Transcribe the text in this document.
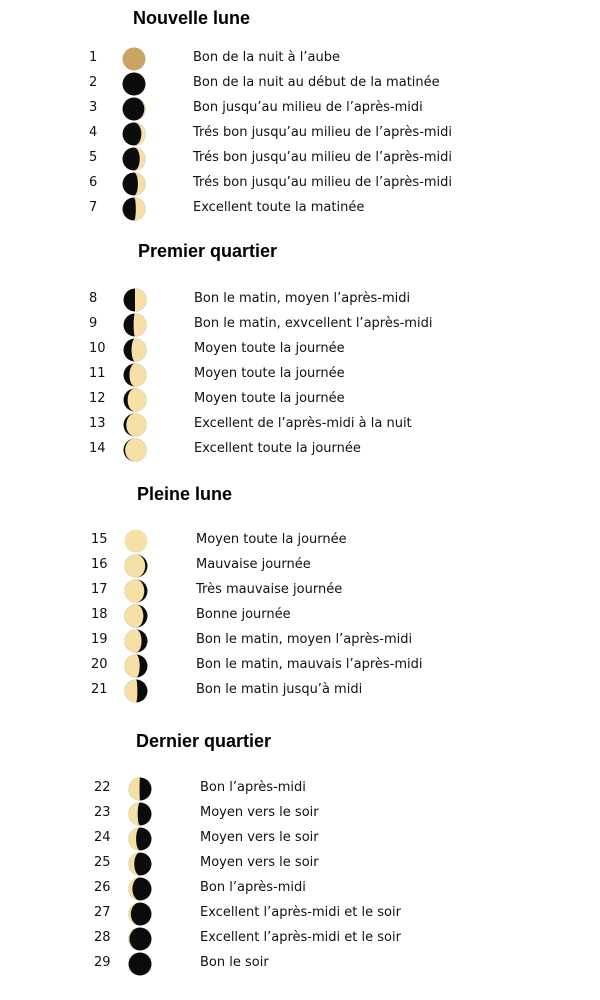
Nouvelle lune
1	Bon de la nuit à l’aube
2	Bon de la nuit au début de la matinée
3	Bon jusqu’au milieu de l’après-midi
4	Trés bon jusqu’au milieu de l’après-midi
5	Trés bon jusqu’au milieu de l’après-midi
6	Trés bon jusqu’au milieu de l’après-midi
7	Excellent toute la matinée
Premier quartier
8	Bon le matin, moyen l’après-midi
9	Bon le matin, exvcellent l’après-midi
10	Moyen toute la journée
11	Moyen toute la journée
12	Moyen toute la journée
13	Excellent de l’après-midi à la nuit
14	Excellent toute la journée
Pleine lune
15	Moyen toute la journée
16	Mauvaise journée
17	Très mauvaise journée
18	Bonne journée
19	Bon le matin, moyen l’après-midi
20	Bon le matin, mauvais l’après-midi
21	Bon le matin jusqu’à midi
Dernier quartier
22	Bon l’après-midi
23	Moyen vers le soir
24	Moyen vers le soir
25	Moyen vers le soir
26	Bon l’après-midi
27	Excellent l’après-midi et le soir
28	Excellent l’après-midi et le soir
29	Bon le soir
